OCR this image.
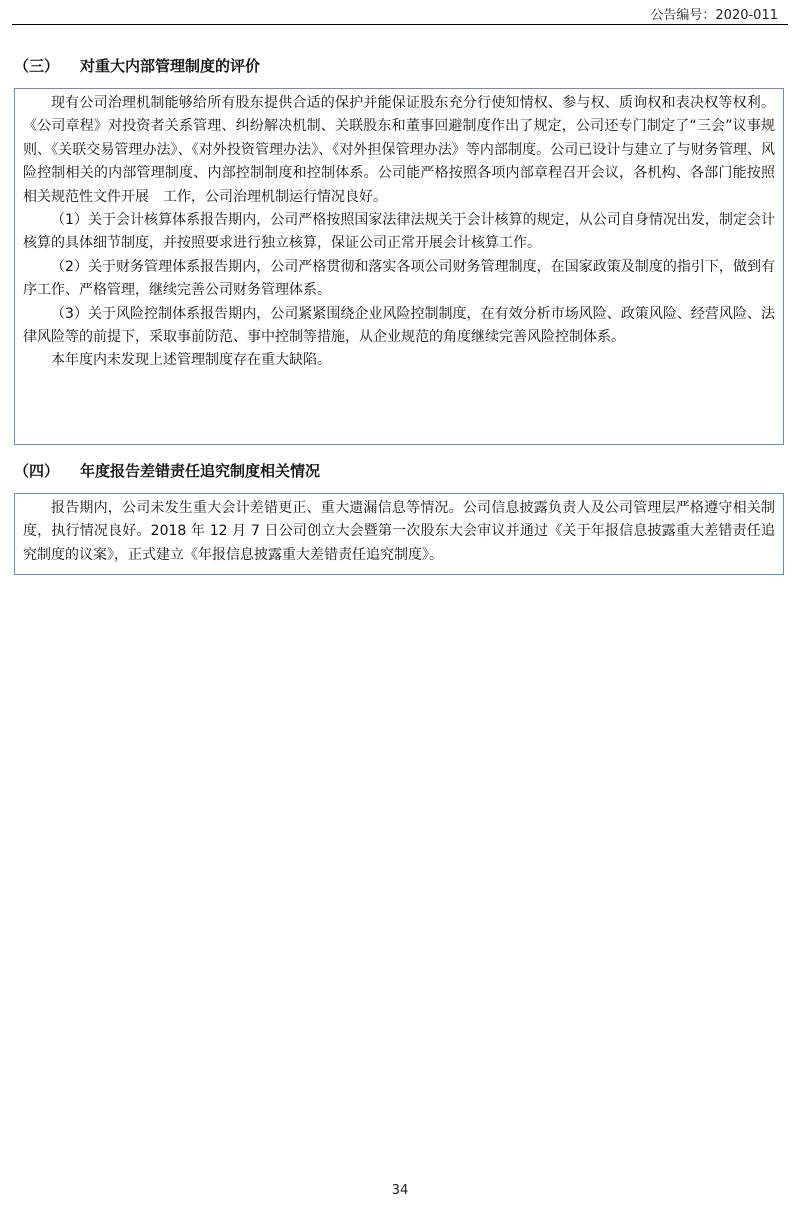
公告编号：2020-011
（三） 对重大内部管理制度的评价

现有公司治理机制能够给所有股东提供合适的保护并能保证股东充分行使知情权、参与权、质询权和表决权等权利。《公司章程》对投资者关系管理、纠纷解决机制、关联股东和董事回避制度作出了规定，公司还专门制定了“三会”议事规则、《关联交易管理办法》、《对外投资管理办法》、《对外担保管理办法》等内部制度。公司已设计与建立了与财务管理、风险控制相关的内部管理制度、内部控制制度和控制体系。公司能严格按照各项内部章程召开会议，各机构、各部门能按照相关规范性文件开展　工作，公司治理机制运行情况良好。

（1）关于会计核算体系报告期内，公司严格按照国家法律法规关于会计核算的规定，从公司自身情况出发，制定会计核算的具体细节制度，并按照要求进行独立核算，保证公司正常开展会计核算工作。

（2）关于财务管理体系报告期内，公司严格贯彻和落实各项公司财务管理制度，在国家政策及制度的指引下，做到有序工作、严格管理，继续完善公司财务管理体系。

（3）关于风险控制体系报告期内，公司紧紧围绕企业风险控制制度，在有效分析市场风险、政策风险、经营风险、法律风险等的前提下，采取事前防范、事中控制等措施，从企业规范的角度继续完善风险控制体系。

本年度内未发现上述管理制度存在重大缺陷。

（四） 年度报告差错责任追究制度相关情况

报告期内，公司未发生重大会计差错更正、重大遗漏信息等情况。公司信息披露负责人及公司管理层严格遵守相关制度，执行情况良好。2018 年 12 月 7 日公司创立大会暨第一次股东大会审议并通过《关于年报信息披露重大差错责任追究制度的议案》，正式建立《年报信息披露重大差错责任追究制度》。

34
